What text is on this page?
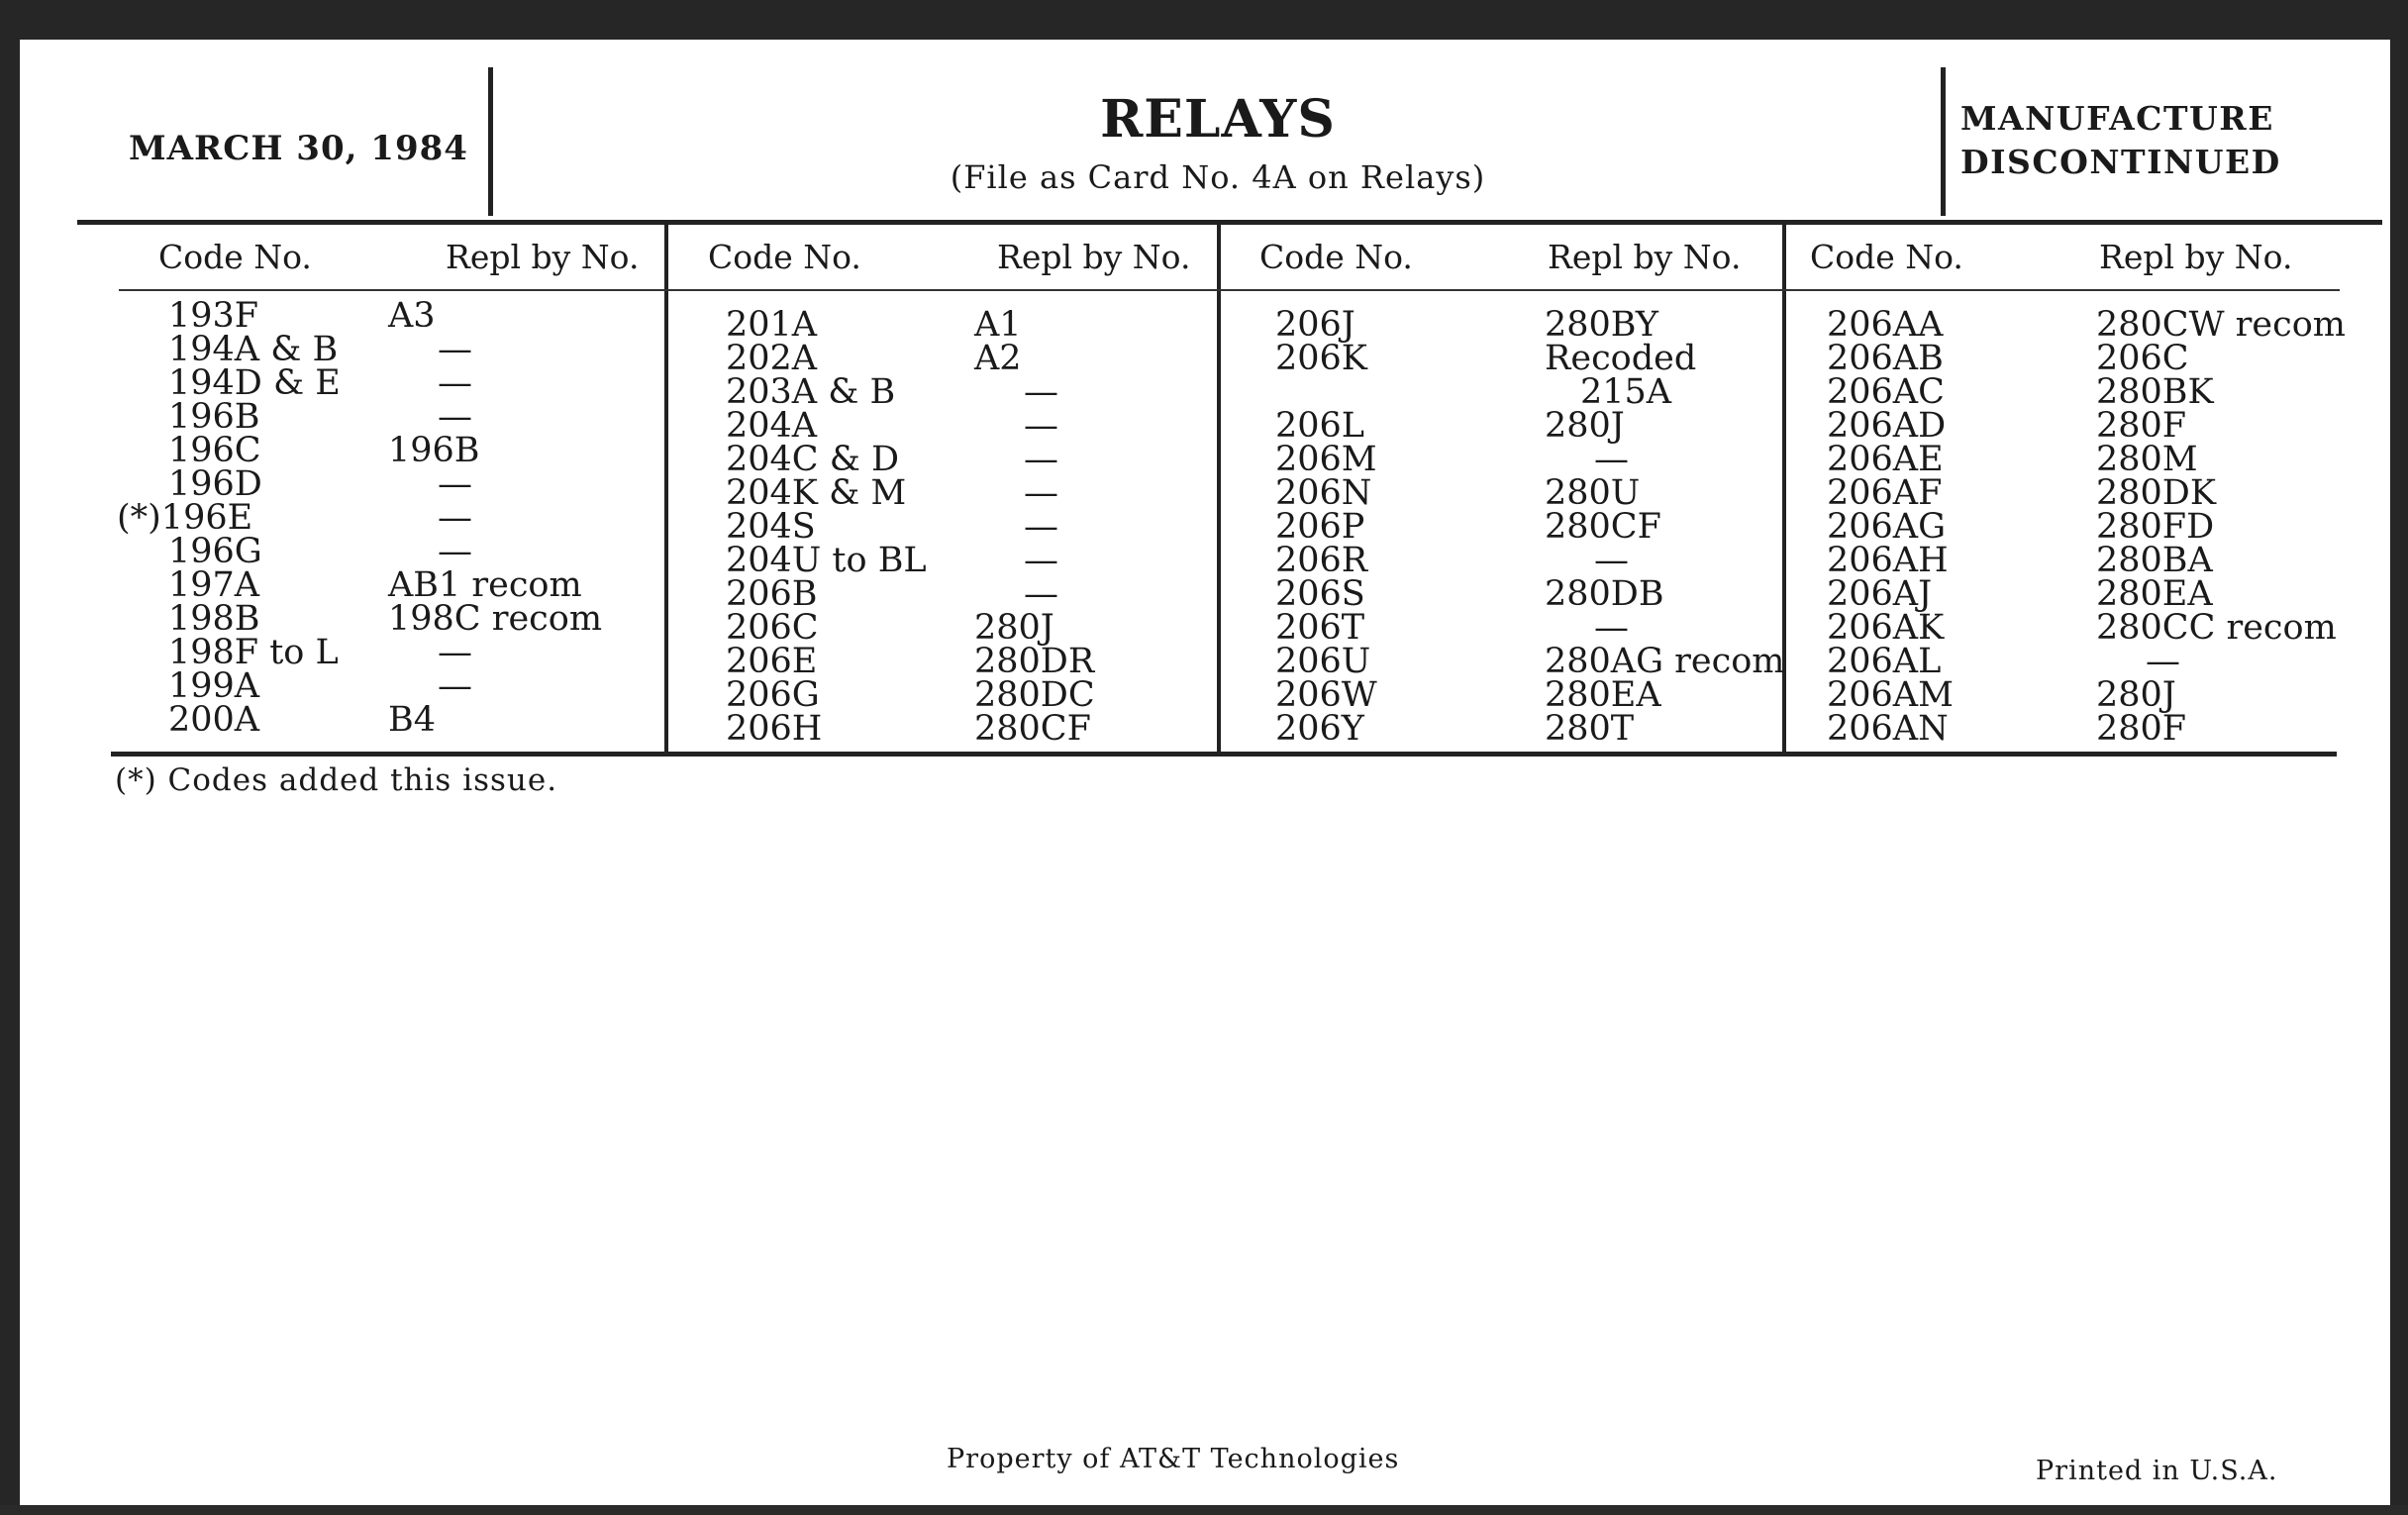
MARCH 30, 1984	RELAYS
(File as Card No. 4A on Relays)
MANUFACTURE
DISCONTINUED
Code No.	Repl by No.
193F	A3
194A & B	—
194D & E	—
196B	—
196C	196B
196D	—
(*)196E	—
196G	—
197A	AB1 recom
198B	198C recom
198F to L	—
199A	—
200A	B4
Code No.	Repl by No.
201A	A1
202A	A2
203A & B	—
204A	—
204C & D	—
204K & M	—
204S	—
204U to BL	—
206B	—
206C	280J
206E	280DR
206G	280DC
206H	280CF
Code No.	Repl by No.
206J	280BY
206K	Recoded
215A
206L	280J
206M	—
206N	280U
206P	280CF
206R	—
206S	280DB
206T	—
206U	280AG recom
206W	280EA
206Y	280T
Code No.	Repl by No.
206AA	280CW recom
206AB	206C
206AC	280BK
206AD	280F
206AE	280M
206AF	280DK
206AG	280FD
206AH	280BA
206AJ	280EA
206AK	280CC recom
206AL	—
206AM	280J
206AN	280F
(*) Codes added this issue.
Property of AT&T Technologies	Printed in U.S.A.
